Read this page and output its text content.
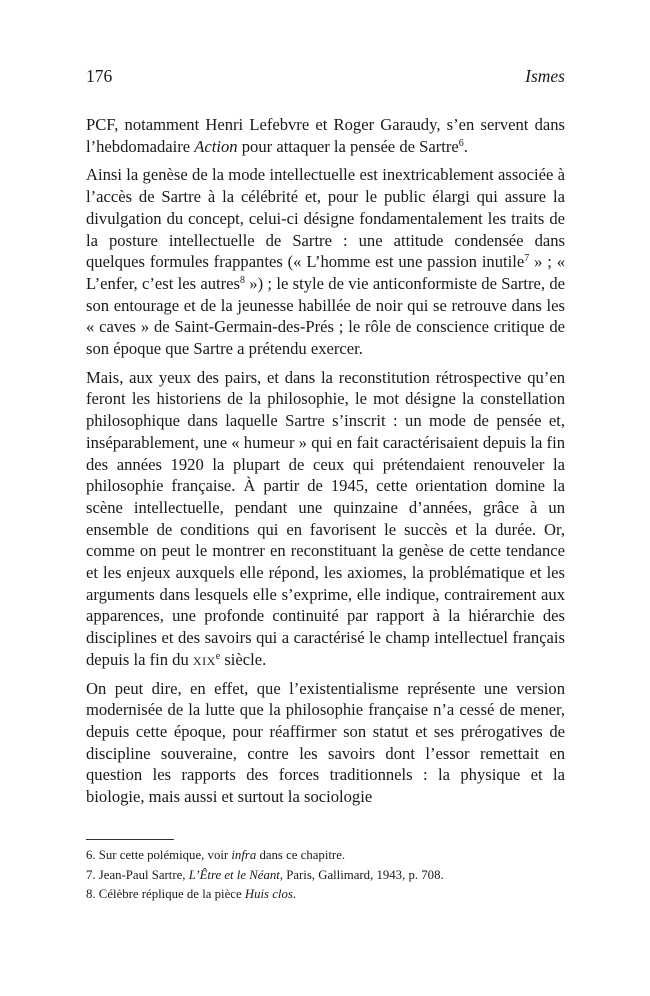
176	Ismes

PCF, notamment Henri Lefebvre et Roger Garaudy, s’en servent dans l’hebdomadaire Action pour attaquer la pensée de Sartre$^6$.

Ainsi la genèse de la mode intellectuelle est inextricablement associée à l’accès de Sartre à la célébrité et, pour le public élargi qui assure la divulgation du concept, celui-ci désigne fondamentalement les traits de la posture intellectuelle de Sartre : une attitude condensée dans quelques formules frappantes (« L’homme est une passion inutile$^7$ » ; « L’enfer, c’est les autres$^8$ ») ; le style de vie anticonformiste de Sartre, de son entourage et de la jeunesse habillée de noir qui se retrouve dans les « caves » de Saint-Germain-des-Prés ; le rôle de conscience critique de son époque que Sartre a prétendu exercer.

Mais, aux yeux des pairs, et dans la reconstitution rétrospective qu’en feront les historiens de la philosophie, le mot désigne la constellation philosophique dans laquelle Sartre s’inscrit : un mode de pensée et, inséparablement, une « humeur » qui en fait caractérisaient depuis la fin des années 1920 la plupart de ceux qui prétendaient renouveler la philosophie française. À partir de 1945, cette orientation domine la scène intellectuelle, pendant une quinzaine d’années, grâce à un ensemble de conditions qui en favorisent le succès et la durée. Or, comme on peut le montrer en reconstituant la genèse de cette tendance et les enjeux auxquels elle répond, les axiomes, la problématique et les arguments dans lesquels elle s’exprime, elle indique, contrairement aux apparences, une profonde continuité par rapport à la hiérarchie des disciplines et des savoirs qui a caractérisé le champ intellectuel français depuis la fin du xix$^e$ siècle.

On peut dire, en effet, que l’existentialisme représente une version modernisée de la lutte que la philosophie française n’a cessé de mener, depuis cette époque, pour réaffirmer son statut et ses prérogatives de discipline souveraine, contre les savoirs dont l’essor remettait en question les rapports des forces traditionnels : la physique et la biologie, mais aussi et surtout la sociologie

6. Sur cette polémique, voir infra dans ce chapitre.

7. Jean-Paul Sartre, L’Être et le Néant, Paris, Gallimard, 1943, p. 708.

8. Célèbre réplique de la pièce Huis clos.
